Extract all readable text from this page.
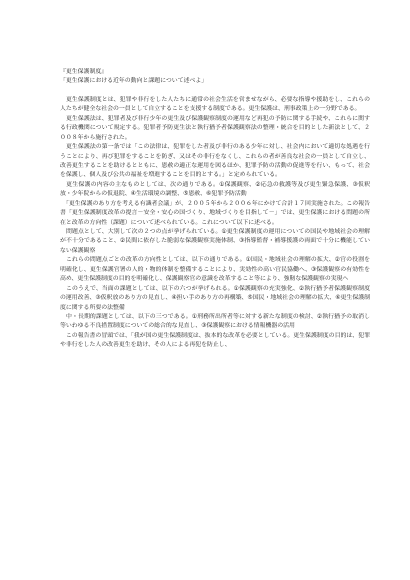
『更生保護制度』

「更生保護における近年の動向と課題について述べよ」

　更生保護制度とは、犯罪や非行をした人たちに通常の社会生活を営ませながら、必要な指導や援助をし、これらの人たちが健全な社会の一員として自立することを支援する制度である。更生保護は、刑事政策上の一分野である。

　更生保護法は、犯罪者及び非行少年の更生及び保護観察制度の運用など再犯の予防に関する手続や、これらに関する行政機関について規定する。犯罪者予防更生法と執行猶予者保護観察法の整理・統合を目的とした新法として、２００８年から施行された。

　更生保護法の第一条では「この法律は、犯罪をした者及び非行のある少年に対し、社会内において適切な処遇を行うことにより、再び犯罪をすることを防ぎ、又はその非行をなくし、これらの者が善良な社会の一員として自立し、改善更生することを助けるとともに、恩赦の適正な運用を図るほか、犯罪予防の活動の促進等を行い、もって、社会を保護し、個人及び公共の福祉を増進することを目的とする。」と定められている。

　更生保護の内容の主なものとしては、次の通りである。①保護観察、②応急の救護等及び更生緊急保護、③仮釈放・少年院からの仮退院、④生活環境の調整、⑤恩赦、⑥犯罪予防活動

　「更生保護のあり方を考える有識者会議」が、２００５年から２００６年にかけて合計１７回実施された。この報告書「更生保護制度改革の提言－安全・安心の国づくり、地域づくりを目指して－」では、更生保護における問題の所在と改革の方向性（課題）について述べられている。これについて以下に述べる。

　問題点として、大別して次の２つの点が挙げられている。①更生保護制度の運用についての国民や地域社会の理解が不十分であること、②民間に依存した脆弱な保護観察実施体制、③指導監督・補導援護の両面で十分に機能していない保護観察

　これらの問題点ごとの改革の方向性としては、以下の通りである。①国民・地域社会の理解の拡大、②官の役割を明確化し、更生保護官署の人的・物的体制を整備することにより、実効性の高い官民協働へ、③保護観察の有効性を高め、更生保護制度の目的を明確化し、保護観察官の意識を改革すること等により、強靭な保護観察の実現へ

　このうえで、当面の課題としては、以下の六つが挙げられる。①保護観察の充実強化、②執行猶予者保護観察制度の運用改善、③仮釈放のあり方の見直し、④担い手のあり方の再構築、⑤国民・地域社会の理解の拡大、⑥更生保護制度に関する所要の法整備

　中・長期的課題としては、以下の三つである。①刑務所出所者等に対する新たな制度の検討、②執行猶予の取消し等いわゆる不良措置制度についての総合的な見直し、③保護観察における情報機器の活用

　この報告書の冒頭では、「我が国の更生保護制度は、抜本的な改革を必要としている。更生保護制度の目的は、犯罪や非行をした人の改善更生を助け、その人による再犯を防止し、
